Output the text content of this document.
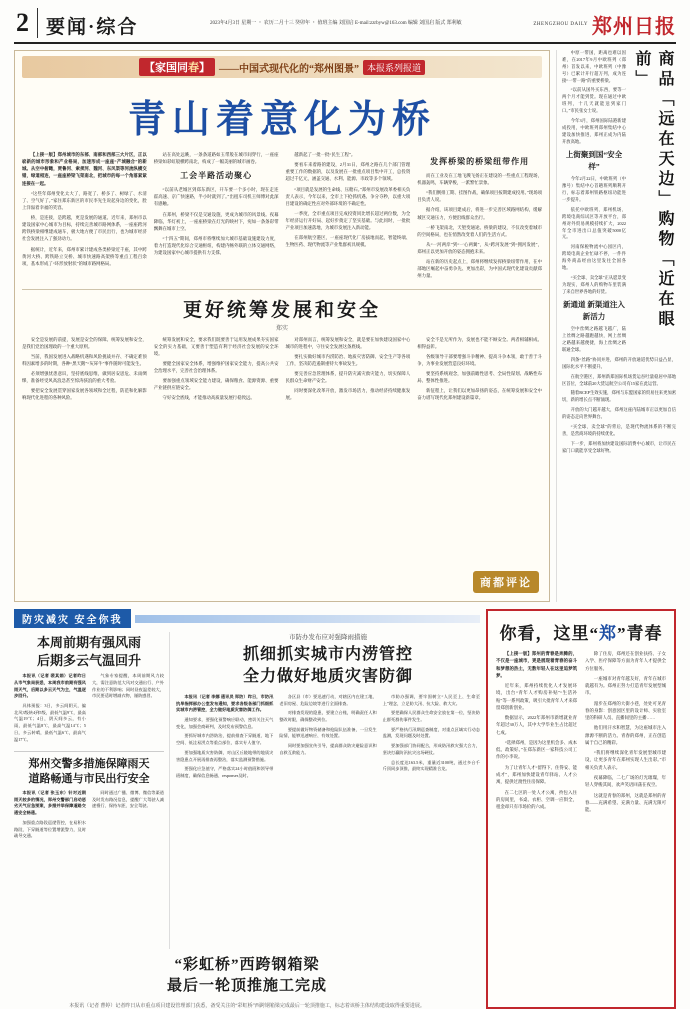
2 要闻·综合	2023年4月3日 星期一 ・ 农历二月十三 癸卯年 ・ 值班主编 刘国启 E-mail:zzrbyw@163.com 编辑 刘国启 版式 郑利敏	ZHENGZHOU DAILY 郑州日报
【家国同春】 ——中国式现代化的“郑州图景” 本报系列报道
青山着意化为桥

【上接一版】郑州城市的东部、南部和西部三大片区，正以崭新的城市形象和产业格局，加速形成一座座“产城融合”的新城。从空中俯瞰，贾鲁河、索须河、魏河、东风渠等河流纵横交错，绿道相连，一座座桥梁飞架南北，把城市的每一个角落紧紧连接在一起。

“这些年郑州变化太大了，路宽了、桥多了、树绿了、水清了、空气好了。”家住郑东新区的市民李先生说起身边的变化，脸上洋溢着幸福的笑容。

桥，是连接，是跨越，更是发展的通道。近年来，郑州市以建设国家中心城市为目标，持续完善城市路网体系，一座座跨河跨铁桥梁相继建成通车，极大地方便了市民出行，也为城市经济社会发展注入了强劲动力。

据统计，近年来，郑州市累计建成各类桥梁近千座，其中跨黄河大桥、跨铁路立交桥、城市快速路高架桥等重点工程百余项，基本形成了“环形放射状”的城市路网格局。

站在高处远眺，一条条道路如玉带般在城市间穿行，一座座桥梁如彩虹般横跨南北，构成了一幅美丽的城市画卷。

工会半路活动聚心

“以前从老城区到郑东新区，开车要一个多小时，现在走连霍高速、京广快速路，半小时就到了。”出租车司机王师傅对此深有感触。

在郑州，桥梁不仅是交通设施，更成为城市的风景线。夜幕降临，华灯初上，一座座桥梁在灯光的映衬下，宛如一条条彩带飘舞在城市上空。

“十四五”期间，郑州市将继续加大城市基础设施建设力度，着力打造现代化综合交通枢纽，构建内畅外联的立体交通网络，为建设国家中心城市提供有力支撑。

越新起了一批一批“民生工程”。

要看车来着路的建设，2月31日，郑州之路在几个部门管理重要工作的数据的，以及发展在一批重点项目集中开工，总投资超过千亿元，涵盖交通、水利、能源、市政等多个领域。

“项目就是发展的生命线、压舱石。”郑州市发展改革委相关负责人表示，今年以来，全市上下抢抓机遇、争分夺秒，以重大项目建设的确定性应对外部环境的不确定性。

一季度，全市重点项目完成投资同比增长超过两位数，为全年经济运行开好局、起好步奠定了坚实基础。与此同时，一批批产业项目加速落地，为城市发展注入新动能。

在郑州航空港区，一座座现代化厂房拔地而起，智能终端、生物医药、现代物流等产业集群初具规模。

发挥桥梁的桥梁纽带作用

而在工业及在工地飞溅飞扬正在建设的一些重点工程现场，机器轰鸣，车辆穿梭，一派繁忙景象。

“我们倒排工期、挂图作战，确保项目按期建成投用。”现场项目负责人说。

据介绍，该项目建成后，将进一步完善区域路网结构，缓解城区交通压力，方便沿线群众出行。

一桥飞架南北，天堑变通途。桥梁的建设，不仅改变着城市的空间格局，也在悄然改变着人们的生活方式。

从“一河两岸”到“一心两翼”，从“跨河发展”到“拥河发展”，郑州正以更加开放的姿态拥抱未来。

站在新的历史起点上，郑州将继续发挥桥梁纽带作用，在中部地区崛起中奋勇争先、更加出彩，为中国式现代化建设贡献郑州力量。

更好统筹发展和安全
郑实

安全是发展的前提，发展是安全的保障。统筹发展和安全，是我们党治国理政的一个重大原则。

当前，我国发展进入战略机遇和风险挑战并存、不确定难预料因素增多的时期，各种“黑天鹅”“灰犀牛”事件随时可能发生。

必须增强忧患意识，坚持底线思维，做到居安思危、未雨绸缪，准备经受风高浪急甚至惊涛骇浪的重大考验。

要把安全发展贯穿国家发展各领域和全过程，防范和化解影响现代化进程的各种风险。

统筹发展和安全，要求我们既要善于运用发展成果夯实国家安全的实力基础，又要善于塑造有利于经济社会发展的安全环境。

要健全国家安全体系，增强维护国家安全能力，提高公共安全治理水平，完善社会治理体系。

要加强重点领域安全能力建设，确保粮食、能源资源、重要产业链供应链安全。

守好安全底线，才能推动高质量发展行稳致远。

对郑州而言，统筹发展和安全，就是要在加快建设国家中心城市的进程中，守住安全发展这条底线。

要扎实做好城市内涝防治、地质灾害防御、安全生产等各项工作，坚决防范遏制重特大事故发生。

要完善应急管理体系，提升防灾减灾救灾能力，切实保障人民群众生命财产安全。

同时要深化改革开放，激发市场活力，推动经济持续健康发展。

安全不是无所作为，发展也不能不顾安全。两者相辅相成、相得益彰。

各级领导干部要增强斗争精神、提高斗争本领，敢于善于斗争，为事业发展营造良好环境。

要坚持系统观念，加强前瞻性思考、全局性谋划、战略性布局、整体性推进。

新征程上，让我们以更加昂扬的姿态，在统筹发展和安全中奋力谱写现代化郑州建设新篇章。

商都评论
商品「远在天边」购物「近在眼前」

中原一带国，距离也难以因难，在2017年9月中欧班列（郑州）首发以来，中欧班列（中豫号）已累计开行超万列，成为连接“一带一路”的重要桥梁。

“以前从国外买东西，要等一两个月才能到货。现在通过中欧班列，十几天就能送到家门口。”市民张女士说。

今年3月，郑州国际陆港新建成投用，中欧班列郑州集结中心建设加快推进，郑州正成为内陆开放高地。

上街聚到国“安全样”

今年2月22日，中欧班列（中豫号）集结中心首趟班列顺利开行，标志着郑州铁路枢纽功能进一步提升。

依托中欧班列、郑州机场、跨境电商综试区等开放平台，郑州对外贸易规模持续扩大，2022年全市进出口总值突破5000亿元。

河南保税物流中心园区内，跨境电商企业忙碌不停，一件件海外商品经由这里发往全国各地。

“买全球、卖全球”正从愿景变为现实，郑州人的购物车里装满了来自世界各地的好货。

新通道 新渠道注入新活力

空中丝绸之路越飞越广，陆上丝绸之路越跑越快，网上丝绸之路越来越便捷，海上丝绸之路联通全球。

四条“丝路”协同并进，郑州的开放通道优势日益凸显，国际化水平不断提升。

在航空港区，郑州新郑国际机场货运吞吐量稳居中部地区首位，全球前20大货运航空公司有15家在此运营。

随着RCEP生效实施，郑州与东盟国家的贸易往来更加密切，新的增长点不断涌现。

开放的大门越开越大，郑州这座内陆城市正以更加自信的姿态走向世界舞台。

“买全球、卖全球”的背后，是现代物流体系的不断完善，是营商环境的持续优化。

下一步，郑州将加快建设国际消费中心城市，让市民在家门口就能享受全球好物。

防灾减灾 安全你我
本周前期有强风雨
后期多云气温回升

本报讯（记者 裴其娟）记者昨日从市气象局获悉，本周我市前期有强风雨天气，后期以多云天气为主，气温逐步回升。

具体预报：3日，多云间阴天，偏北风3级转4到5级，最低气温9℃，最高气温19℃；4日，阴天间多云，有小雨，最低气温8℃，最高气温14℃；5日，多云转晴，最低气温6℃，最高气温17℃。

气象专家提醒，本周前期风力较大，需注意防范大风对交通出行、户外作业的不利影响；同时昼夜温差较大，市民要适时增减衣物，谨防感冒。

郑州交警多措施保障雨天
道路畅通与市民出行安全

本报讯（记者 张玉东）针对近期雨天较多的情况，郑州交警部门启动恶劣天气应急预案，多措并举保障道路交通安全畅通。

加强重点路段巡逻管控，在易积水路段、下穿隧道等位置增派警力，及时疏导交通。

同时通过广播、微博、微信等渠道及时发布路况信息，提醒广大驾驶人减速慢行、保持车距、安全驾驶。

市防办发布应对强降雨措施
抓细抓实城市内涝管控
全力做好地质灾害防御

本报讯（记者 李娜 通讯员 郑防）昨日，市防汛抗旱指挥部办公室发布通知，要求各级各部门抓细抓实城市内涝管控，全力做好地质灾害防御工作。

通知要求，要强化预警响应联动，密切关注天气变化，加强会商研判，及时发布预警信息。

要抓好城市内涝防治，提前排查下穿隧道、地下空间、低洼易涝点等重点部位，落实专人值守。

要加强地质灾害防御，对山区丘陵地带的地质灾害隐患点开展再排查再整治，落实监测预警措施。

要强化应急值守，严格落实24小时值班和领导带班制度，确保信息畅通、responses及时。

各区县（市）要迅速行动，对辖区内在建工地、老旧房屋、危险边坡等进行全面排查。

对排查发现的隐患，要建立台账，明确责任人和整改时限，确保整改到位。

要提前做好物资储备和抢险队伍准备，一旦发生险情，能够迅速响应、有效处置。

同时要加强宣传引导，提高群众防灾避险意识和自救互救能力。

市防办强调，要牢固树立“人民至上、生命至上”理念，立足防大汛、抗大险、救大灾。

要把确保人民群众生命安全放在第一位，坚决防止群死群伤事件发生。

要严格执行汛期巡查制度，对重点区域实行动态监测，发现问题及时处置。

要加强部门协同配合，形成防汛救灾强大合力，坚决打赢防汛抗灾这场硬仗。

总长度达163.5米，重量近3100吨，通过多台千斤顶同步顶推，最终实现精准合龙。

“彩虹桥”西跨钢箱梁
最后一轮顶推施工完成
本报讯（记者 曹婷）记者昨日从市重点项目建设管理部门获悉，备受关注的“彩虹桥”西跨钢箱梁完成最后一轮顶推施工，标志着该桥主体结构建设取得重要进展。
你看，这里“郑”青春

【上接一版】郑州的青春是奔腾的，不仅是一座城市，更是展现着青春的奋斗和梦想的热土，无数年轻人在这里追梦筑梦。

近年来，郑州持续优化人才发展环境，出台“青年人才购房补贴”“生活补贴”等一系列政策，吸引大批青年人才来郑留郑创新创业。

数据显示，2022年郑州市新增就业青年超过30万人，其中大学毕业生占比超过七成。

“选择郑州，是因为这里机会多、成本低、政策好。”在郑东新区一家科技公司工作的小李说。

为了让青年人才“留得下、住得安、能成才”，郑州加快建设青年驿站、人才公寓，提供过渡性住房保障。

在二七区的一处人才公寓，拎包入住的房间里，书桌、衣柜、空调一应俱全，租金却只有市场价的六成。

除了住房，郑州还在创业扶持、子女入学、医疗保障等方面为青年人才提供全方位服务。

一座城市对青年越友好，青年在城市就越有为。郑州正努力打造青年发展型城市。

漫步在郑州的大街小巷，处处可见青春的身影：创意园区里的设计师、实验室里的科研人员、直播间里的主播……

他们用汗水和智慧，为这座城市注入源源不断的活力。青春的郑州，正在创造属于自己的精彩。

“我们将继续深化青年发展型城市建设，让更多青年在郑州实现人生出彩。”市相关负责人表示。

夜幕降临，二七广场的灯光璀璨，年轻人穿梭其间，欢声笑语回荡在夜空。

这就是青春的郑州，这就是郑州的青春——充满希望、充满力量、充满无限可能。
